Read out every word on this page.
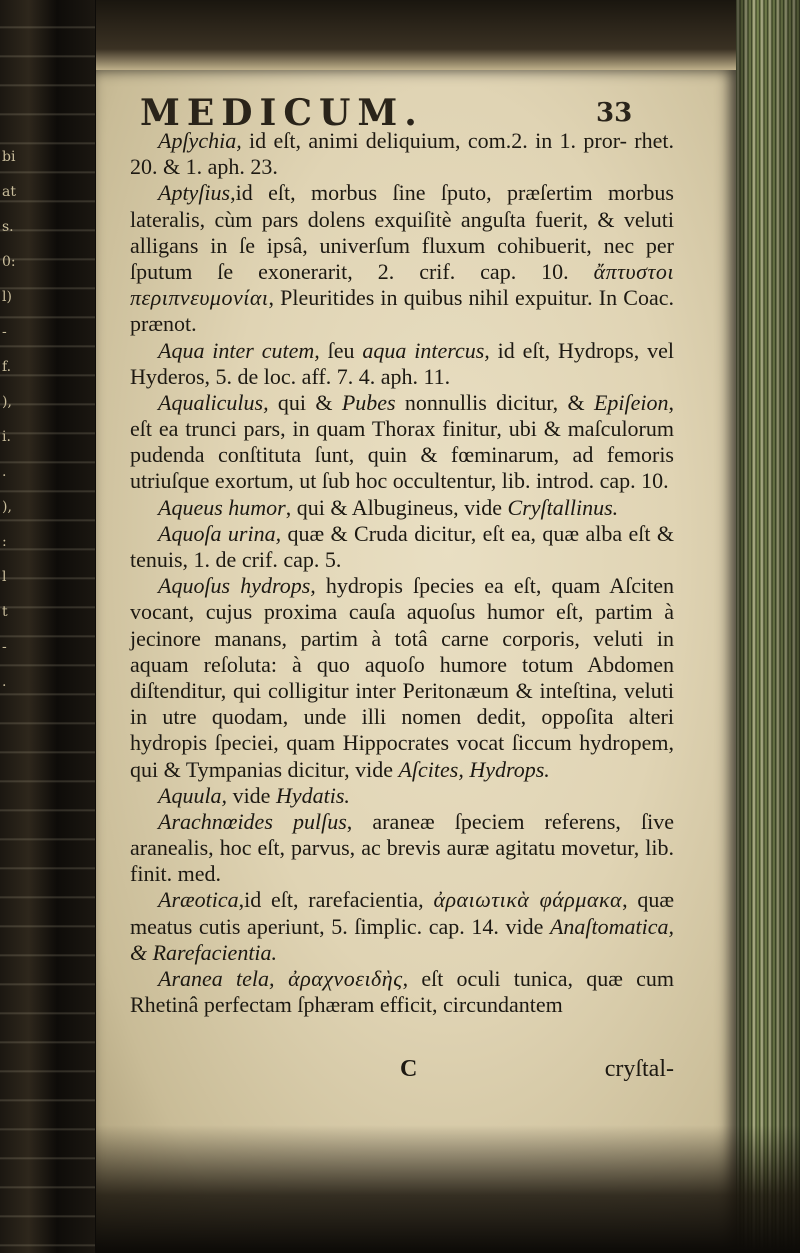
bi
at
s.
0:
l)
-
f.
),
i.
.
),
:
l
t
-
.
MEDICUM.	33

Apſychia, id eſt, animi deliquium, com.2. in 1. pror- rhet. 20. & 1. aph. 23.

Aptyſius,id eſt, morbus ſine ſputo, præſertim morbus lateralis, cùm pars dolens exquiſitè anguſta fuerit, & veluti alligans in ſe ipsâ, univerſum fluxum cohibuerit, nec per ſputum ſe exonerarit, 2. crif. cap. 10. ἄπτυστοι περιπνευμονίαι, Pleuritides in quibus nihil expuitur. In Coac. prænot.

Aqua inter cutem, ſeu aqua intercus, id eſt, Hydrops, vel Hyderos, 5. de loc. aff. 7. 4. aph. 11.

Aqualiculus, qui & Pubes nonnullis dicitur, & Epiſeion, eſt ea trunci pars, in quam Thorax finitur, ubi & maſculorum pudenda conſtituta ſunt, quin & fœminarum, ad femoris utriuſque exortum, ut ſub hoc occultentur, lib. introd. cap. 10.

Aqueus humor, qui & Albugineus, vide Cryſtallinus.

Aquoſa urina, quæ & Cruda dicitur, eſt ea, quæ alba eſt & tenuis, 1. de crif. cap. 5.

Aquoſus hydrops, hydropis ſpecies ea eſt, quam Aſciten vocant, cujus proxima cauſa aquoſus humor eſt, partim à jecinore manans, partim à totâ carne corporis, veluti in aquam reſoluta: à quo aquoſo humore totum Abdomen diſtenditur, qui colligitur inter Peritonæum & inteſtina, veluti in utre quodam, unde illi nomen dedit, oppoſita alteri hydropis ſpeciei, quam Hippocrates vocat ſiccum hydropem, qui & Tympanias dicitur, vide Aſcites, Hydrops.

Aquula, vide Hydatis.

Arachnœides pulſus, araneæ ſpeciem referens, ſive aranealis, hoc eſt, parvus, ac brevis auræ agitatu movetur, lib. finit. med.

Aræotica,id eſt, rarefacientia, ἀραιωτικὰ φάρμακα, quæ meatus cutis aperiunt, 5. ſimplic. cap. 14. vide Anaſtomatica, & Rarefacientia.

Aranea tela, ἀραχνοειδὴς, eſt oculi tunica, quæ cum Rhetinâ perfectam ſphæram efficit, circundantem

C	cryſtal-
